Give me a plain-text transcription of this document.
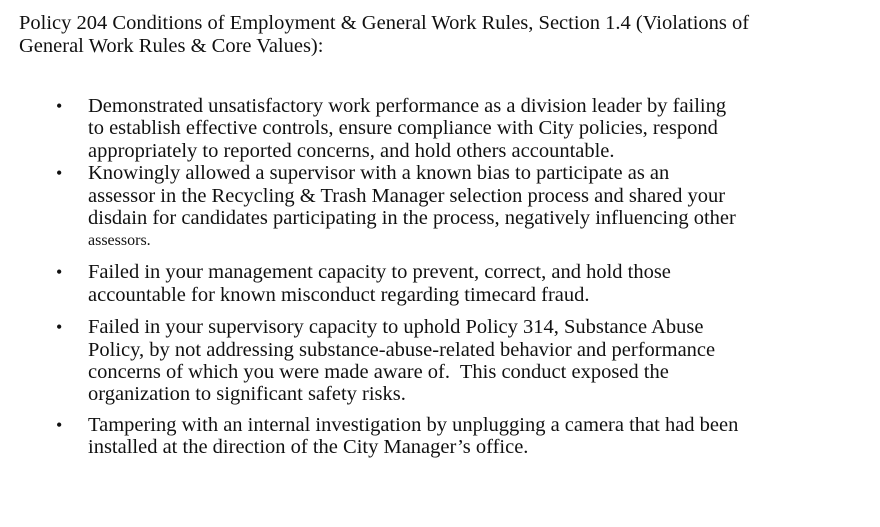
Policy 204 Conditions of Employment & General Work Rules, Section 1.4 (Violations of
General Work Rules & Core Values):
• Demonstrated unsatisfactory work performance as a division leader by failing
to establish effective controls, ensure compliance with City policies, respond
appropriately to reported concerns, and hold others accountable.
• Knowingly allowed a supervisor with a known bias to participate as an
assessor in the Recycling & Trash Manager selection process and shared your
disdain for candidates participating in the process, negatively influencing other
assessors.
• Failed in your management capacity to prevent, correct, and hold those
accountable for known misconduct regarding timecard fraud.
• Failed in your supervisory capacity to uphold Policy 314, Substance Abuse
Policy, by not addressing substance-abuse-related behavior and performance
concerns of which you were made aware of.  This conduct exposed the
organization to significant safety risks.
• Tampering with an internal investigation by unplugging a camera that had been
installed at the direction of the City Manager’s office.
